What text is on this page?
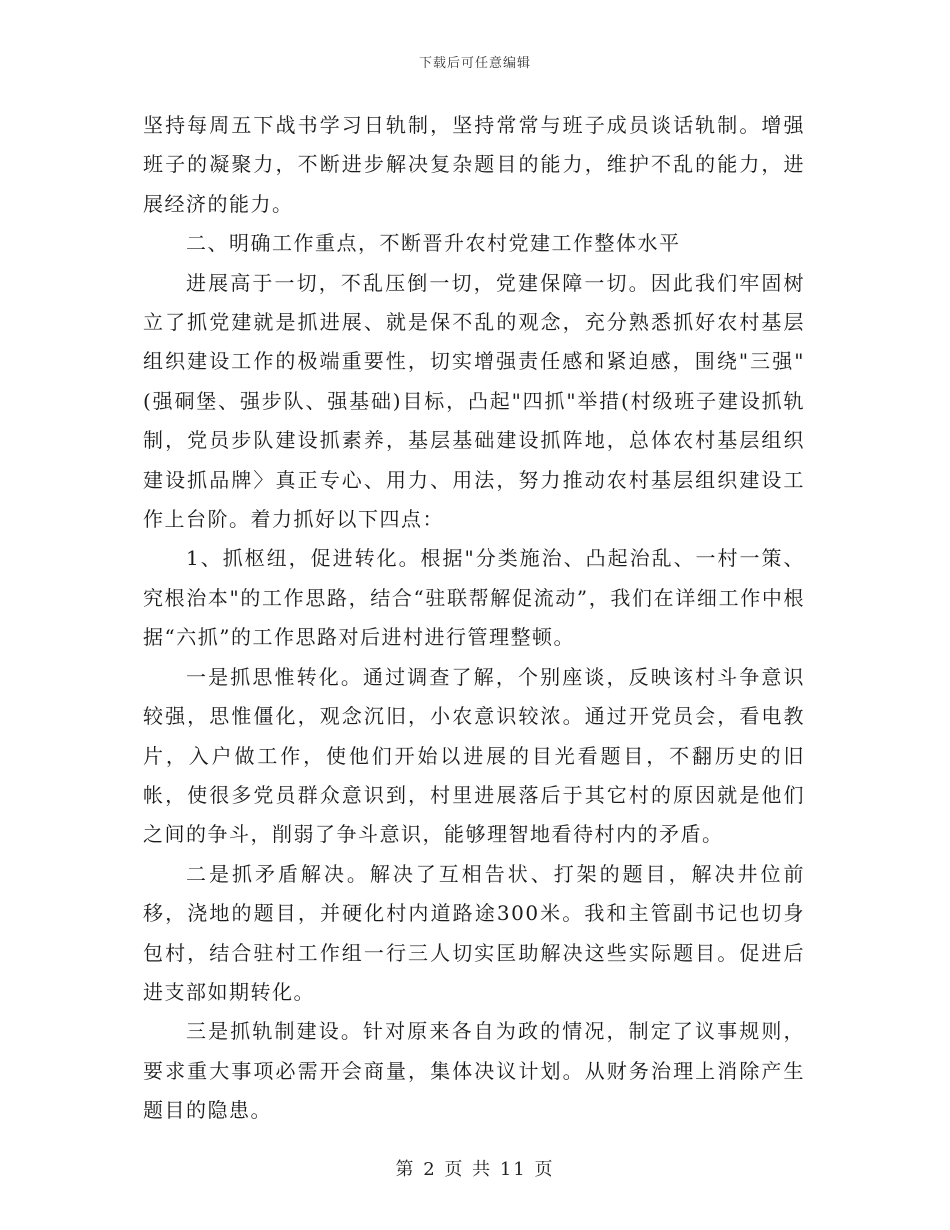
下载后可任意编辑

坚持每周五下战书学习日轨制，坚持常常与班子成员谈话轨制。增强班子的凝聚力，不断进步解决复杂题目的能力，维护不乱的能力，进展经济的能力。

二、明确工作重点，不断晋升农村党建工作整体水平

进展高于一切，不乱压倒一切，党建保障一切。因此我们牢固树立了抓党建就是抓进展、就是保不乱的观念，充分熟悉抓好农村基层组织建设工作的极端重要性，切实增强责任感和紧迫感，围绕"三强"(强硐堡、强步队、强基础)目标，凸起"四抓"举措(村级班子建设抓轨制，党员步队建设抓素养，基层基础建设抓阵地，总体农村基层组织建设抓品牌〉真正专心、用力、用法，努力推动农村基层组织建设工作上台阶。着力抓好以下四点：

1、抓枢纽，促进转化。根据"分类施治、凸起治乱、一村一策、究根治本"的工作思路，结合“驻联帮解促流动”，我们在详细工作中根据“六抓”的工作思路对后进村进行管理整顿。

一是抓思惟转化。通过调查了解，个别座谈，反映该村斗争意识较强，思惟僵化，观念沉旧，小农意识较浓。通过开党员会，看电教片，入户做工作，使他们开始以进展的目光看题目，不翻历史的旧帐，使很多党员群众意识到，村里进展落后于其它村的原因就是他们之间的争斗，削弱了争斗意识，能够理智地看待村内的矛盾。

二是抓矛盾解决。解决了互相告状、打架的题目，解决井位前移，浇地的题目，并硬化村内道路途300米。我和主管副书记也切身包村，结合驻村工作组一行三人切实匡助解决这些实际题目。促进后进支部如期转化。

三是抓轨制建设。针对原来各自为政的情况，制定了议事规则，要求重大事项必需开会商量，集体决议计划。从财务治理上消除产生题目的隐患。

第 2 页 共 11 页
